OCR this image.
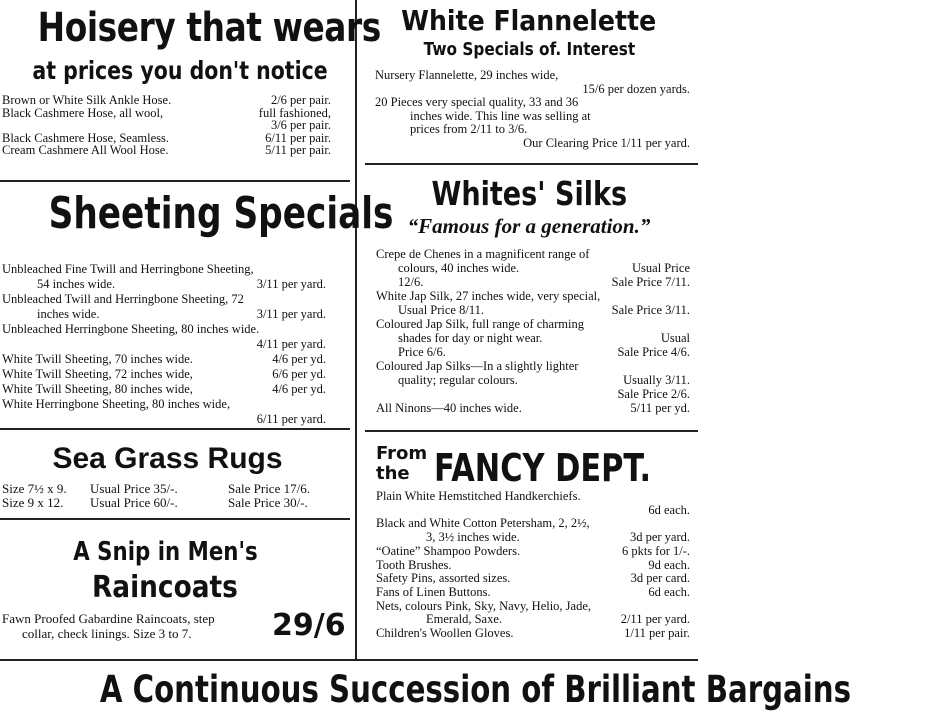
Hoisery that wears
at prices you don't notice
Brown or White Silk Ankle Hose.	2/6 per pair.
Black Cashmere Hose, all wool,	full fashioned,
3/6 per pair.
Black Cashmere Hose, Seamless.	6/11 per pair.
Cream Cashmere All Wool Hose.	5/11 per pair.
Sheeting Specials
Unbleached Fine Twill and Herringbone Sheeting,
54 inches wide.	3/11 per yard.
Unbleached Twill and Herringbone Sheeting, 72
inches wide.	3/11 per yard.
Unbleached Herringbone Sheeting, 80 inches wide.
4/11 per yard.
White Twill Sheeting, 70 inches wide.	4/6 per yd.
White Twill Sheeting, 72 inches wide,	6/6 per yd.
White Twill Sheeting, 80 inches wide,	4/6 per yd.
White Herringbone Sheeting, 80 inches wide,
6/11 per yard.
Sea Grass Rugs
Size 7½ x 9. Usual Price 35/-.	Sale Price 17/6.
Size 9 x 12. Usual Price 60/-.	Sale Price 30/-.
A Snip in Men's
Raincoats
Fawn Proofed Gabardine Raincoats, step
collar, check linings. Size 3 to 7.	29/6
White Flannelette
Two Specials of. Interest
Nursery Flannelette, 29 inches wide,
15/6 per dozen yards.
20 Pieces very special quality, 33 and 36
inches wide. This line was selling at
prices from 2/11 to 3/6.
Our Clearing Price 1/11 per yard.
Whites' Silks
“Famous for a generation.”
Crepe de Chenes in a magnificent range of
colours, 40 inches wide.	Usual Price
12/6.	Sale Price 7/11.
White Jap Silk, 27 inches wide, very special,
Usual Price 8/11.	Sale Price 3/11.
Coloured Jap Silk, full range of charming
shades for day or night wear.	Usual
Price 6/6.	Sale Price 4/6.
Coloured Jap Silks—In a slightly lighter
quality; regular colours.	Usually 3/11.
Sale Price 2/6.
All Ninons—40 inches wide.	5/11 per yd.
From
the FANCY DEPT.
Plain White Hemstitched Handkerchiefs.
6d each.
Black and White Cotton Petersham, 2, 2½,
3, 3½ inches wide.	3d per yard.
“Oatine” Shampoo Powders.	6 pkts for 1/-.
Tooth Brushes.	9d each.
Safety Pins, assorted sizes.	3d per card.
Fans of Linen Buttons.	6d each.
Nets, colours Pink, Sky, Navy, Helio, Jade,
Emerald, Saxe.	2/11 per yard.
Children's Woollen Gloves.	1/11 per pair.
A Continuous Succession of Brilliant Bargains
